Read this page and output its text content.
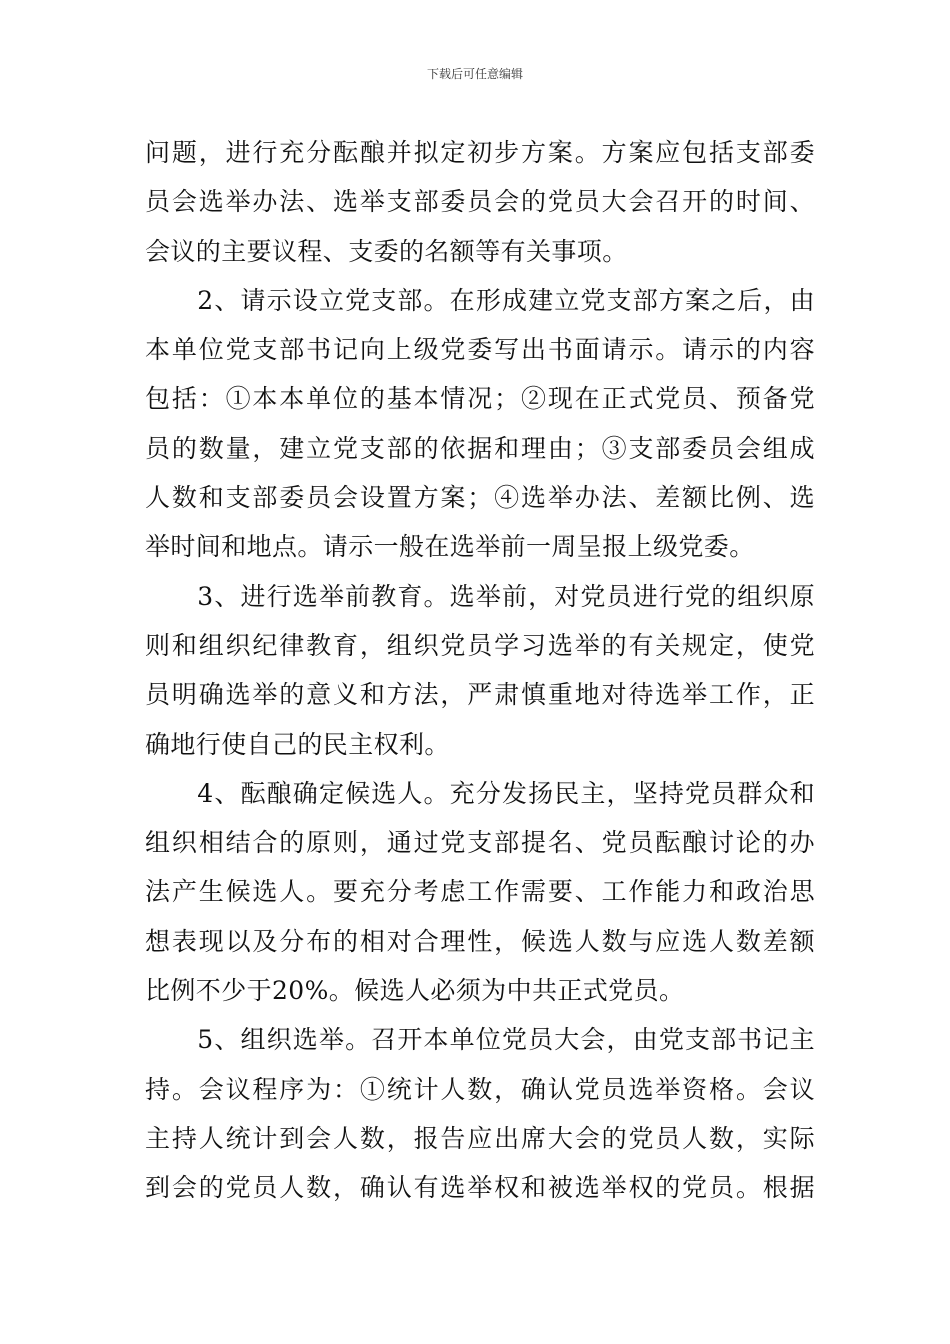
下载后可任意编辑
问题，进行充分酝酿并拟定初步方案。方案应包括支部委
员会选举办法、选举支部委员会的党员大会召开的时间、
会议的主要议程、支委的名额等有关事项。
　　2、请示设立党支部。在形成建立党支部方案之后，由
本单位党支部书记向上级党委写出书面请示。请示的内容
包括：①本本单位的基本情况；②现在正式党员、预备党
员的数量，建立党支部的依据和理由；③支部委员会组成
人数和支部委员会设置方案；④选举办法、差额比例、选
举时间和地点。请示一般在选举前一周呈报上级党委。
　　3、进行选举前教育。选举前，对党员进行党的组织原
则和组织纪律教育，组织党员学习选举的有关规定，使党
员明确选举的意义和方法，严肃慎重地对待选举工作，正
确地行使自己的民主权利。
　　4、酝酿确定候选人。充分发扬民主，坚持党员群众和
组织相结合的原则，通过党支部提名、党员酝酿讨论的办
法产生候选人。要充分考虑工作需要、工作能力和政治思
想表现以及分布的相对合理性，候选人数与应选人数差额
比例不少于20%。候选人必须为中共正式党员。
　　5、组织选举。召开本单位党员大会，由党支部书记主
持。会议程序为：①统计人数，确认党员选举资格。会议
主持人统计到会人数，报告应出席大会的党员人数，实际
到会的党员人数，确认有选举权和被选举权的党员。根据
